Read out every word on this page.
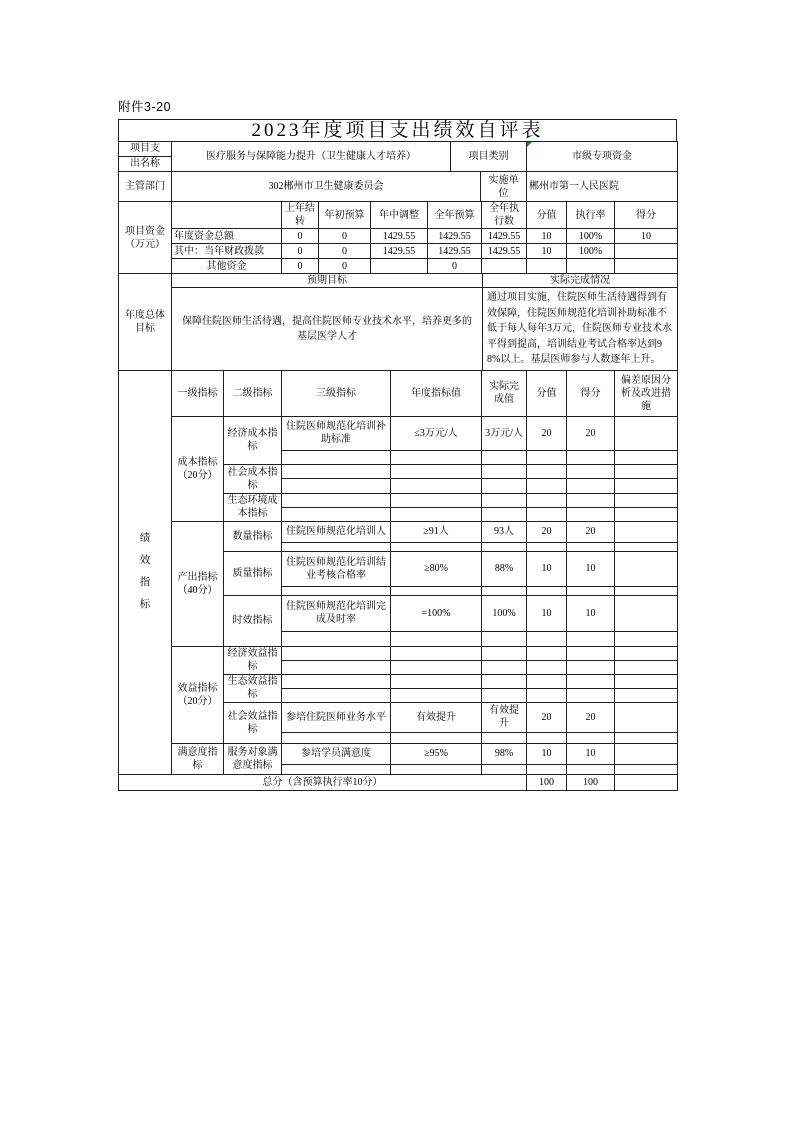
附件3-20
2023年度项目支出绩效自评表
项目支
出名称	医疗服务与保障能力提升（卫生健康人才培养）	项目类别		市级专项资金
主管部门	302郴州市卫生健康委员会		实施单位	郴州市第一人民医院
项目资金（万元）		上年结转	年初预算	年中调整	全年预算	全年执行数	分值	执行率	得分
	年度资金总额	0	0	1429.55	1429.55	1429.55	10	100%	10
	其中：当年财政拨款	0	0	1429.55	1429.55	1429.55	10	100%	
	其他资金	0	0		0				
年度总体目标	预期目标	实际完成情况
	保障住院医师生活待遇，提高住院医师专业技术水平，培养更多的基层医学人才	通过项目实施，住院医师生活待遇得到有效保障，住院医师规范化培训补助标准不低于每人每年3万元，住院医师专业技术水平得到提高，培训结业考试合格率达到98%以上。基层医师参与人数逐年上升。
绩效指标	一级指标	二级指标	三级指标	年度指标值	实际完成值	分值	得分	偏差原因分析及改进措施
	成本指标（20分）	经济成本指标	住院医师规范化培训补助标准	≤3万元/人	3万元/人	20	20	

		社会成本指标						

		生态环境成本指标						

	产出指标（40分）	数量指标	住院医师规范化培训人	≥91人	93人	20	20	

		质量指标	住院医师规范化培训结业考核合格率	≥80%	88%	10	10	

		时效指标	住院医师规范化培训完成及时率	=100%	100%	10	10	

	效益指标（20分）	经济效益指标						

		生态效益指标						

		社会效益指标	参培住院医师业务水平	有效提升	有效提升	20	20	

	满意度指标	服务对象满意度指标	参培学员满意度	≥95%	98%	10	10	

总分（含预算执行率10分）						100	100	
